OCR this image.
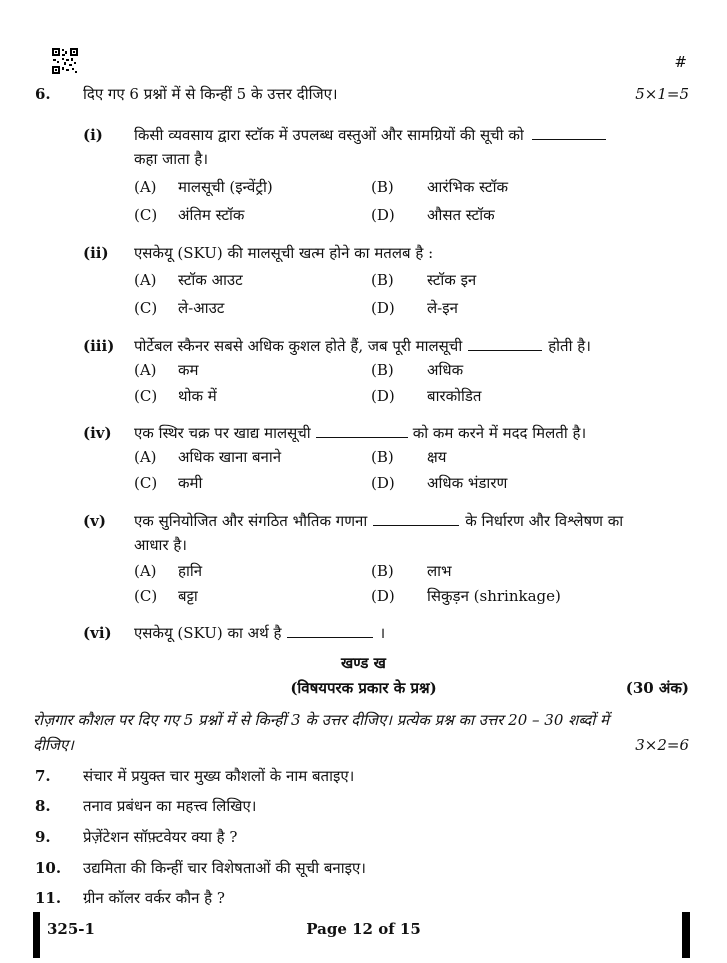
#
6. दिए गए 6 प्रश्नों में से किन्हीं 5 के उत्तर दीजिए।	5×1=5
(i) किसी व्यवसाय द्वारा स्टॉक में उपलब्ध वस्तुओं और सामग्रियों की सूची को
कहा जाता है।
(A) मालसूची (इन्वेंट्री)	(B) आरंभिक स्टॉक
(C) अंतिम स्टॉक	(D) औसत स्टॉक
(ii) एसकेयू (SKU) की मालसूची खत्म होने का मतलब है :
(A) स्टॉक आउट	(B) स्टॉक इन
(C) ले-आउट	(D) ले-इन
(iii) पोर्टेबल स्कैनर सबसे अधिक कुशल होते हैं, जब पूरी मालसूची	होती है।
(A) कम	(B) अधिक
(C) थोक में	(D) बारकोडित
(iv) एक स्थिर चक्र पर खाद्य मालसूची	को कम करने में मदद मिलती है।
(A) अधिक खाना बनाने	(B) क्षय
(C) कमी	(D) अधिक भंडारण
(v) एक सुनियोजित और संगठित भौतिक गणना	के निर्धारण और विश्लेषण का
आधार है।
(A) हानि	(B) लाभ
(C) बट्टा	(D) सिकुड़न (shrinkage)
(vi) एसकेयू (SKU) का अर्थ है	।
खण्ड ख
(विषयपरक प्रकार के प्रश्न)	(30 अंक)
रोज़गार कौशल पर दिए गए 5 प्रश्नों में से किन्हीं 3 के उत्तर दीजिए। प्रत्येक प्रश्न का उत्तर 20 – 30 शब्दों में
दीजिए।	3×2=6
7. संचार में प्रयुक्त चार मुख्य कौशलों के नाम बताइए।
8. तनाव प्रबंधन का महत्त्व लिखिए।
9. प्रेज़ेंटेशन सॉफ़्टवेयर क्या है ?
10. उद्यमिता की किन्हीं चार विशेषताओं की सूची बनाइए।
11. ग्रीन कॉलर वर्कर कौन है ?
325-1	Page 12 of 15
